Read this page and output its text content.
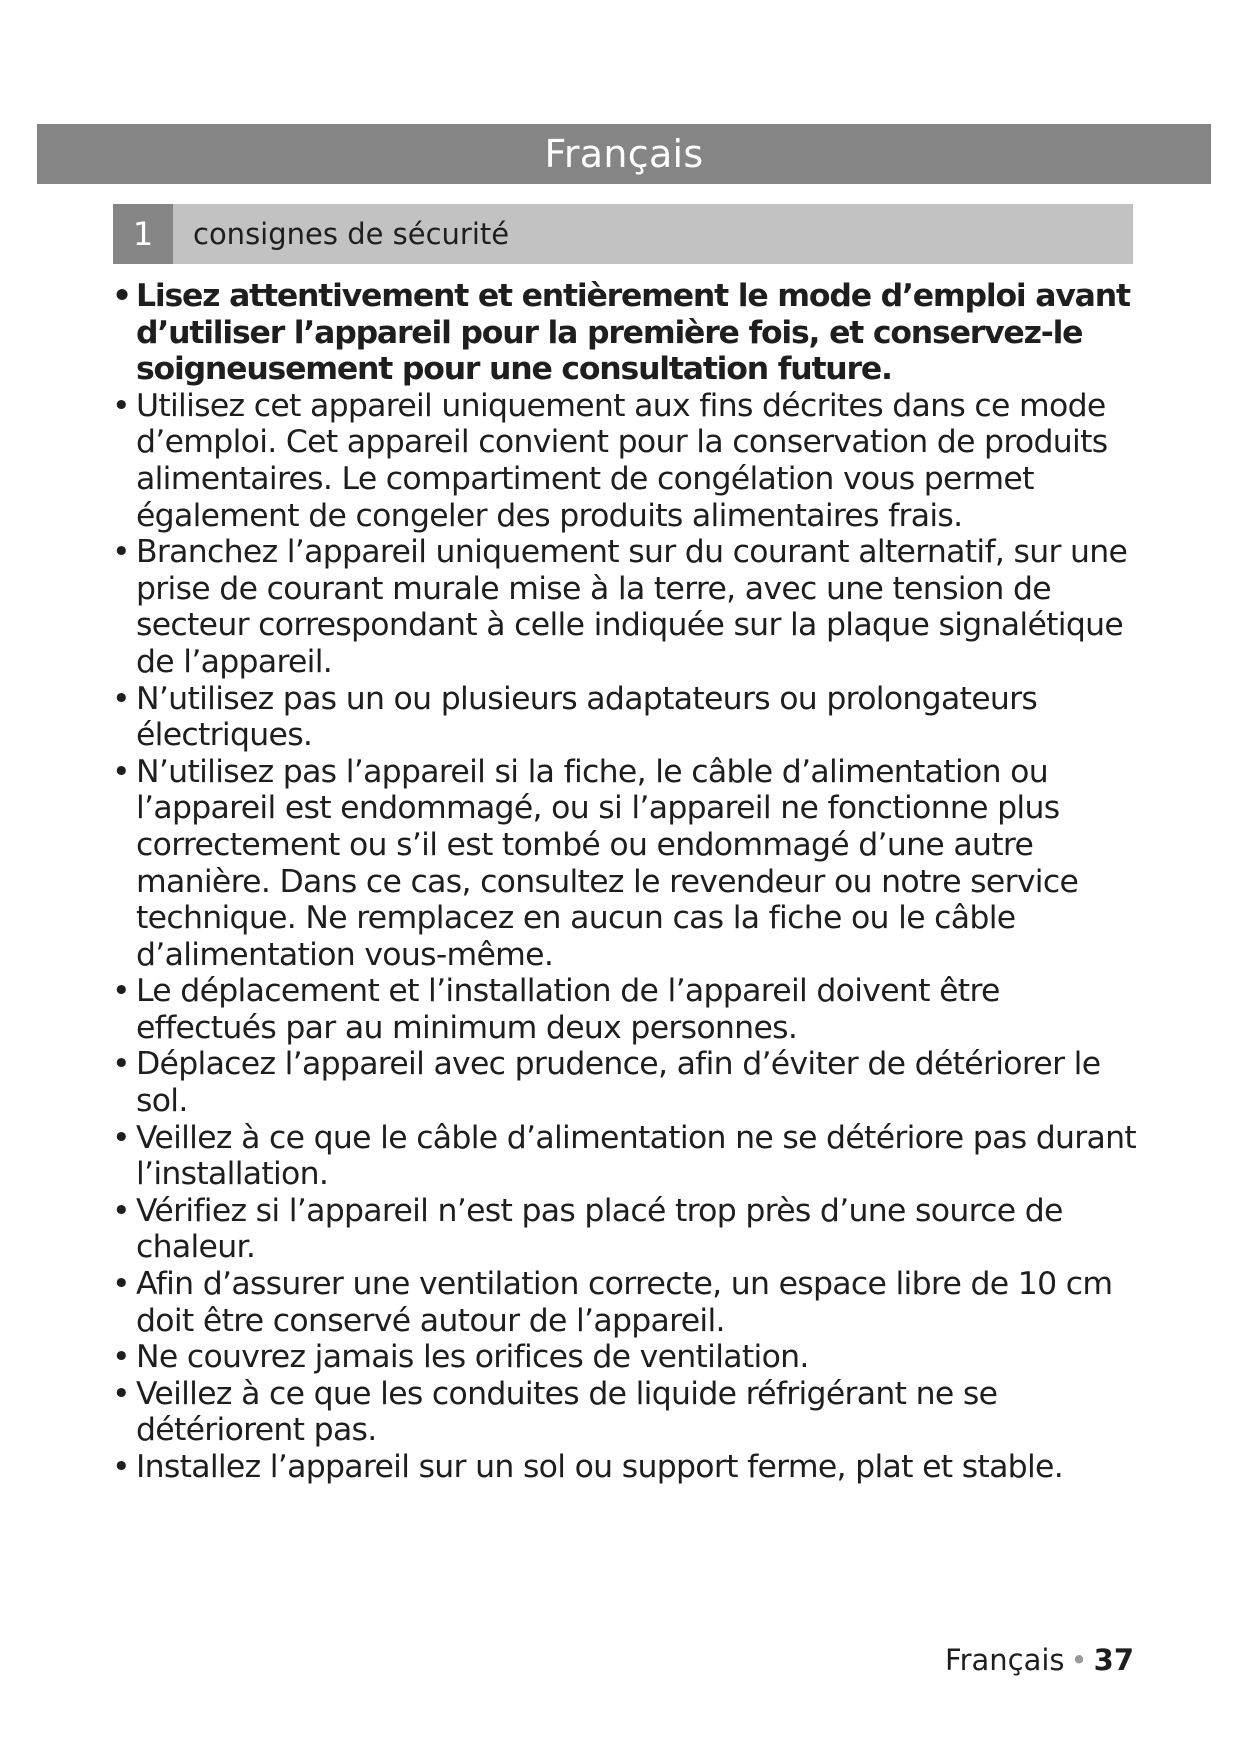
Français
1	consignes de sécurité
• Lisez attentivement et entièrement le mode d’emploi avant d’utiliser l’appareil pour la première fois, et conservez-le soigneusement pour une consultation future.
• Utilisez cet appareil uniquement aux fins décrites dans ce mode d’emploi. Cet appareil convient pour la conservation de produits alimentaires. Le compartiment de congélation vous permet également de congeler des produits alimentaires frais.
• Branchez l’appareil uniquement sur du courant alternatif, sur une prise de courant murale mise à la terre, avec une tension de secteur correspondant à celle indiquée sur la plaque signalétique de l’appareil.
• N’utilisez pas un ou plusieurs adaptateurs ou prolongateurs électriques.
• N’utilisez pas l’appareil si la fiche, le câble d’alimentation ou l’appareil est endommagé, ou si l’appareil ne fonctionne plus correctement ou s’il est tombé ou endommagé d’une autre manière. Dans ce cas, consultez le revendeur ou notre service technique. Ne remplacez en aucun cas la fiche ou le câble d’alimentation vous-même.
• Le déplacement et l’installation de l’appareil doivent être effectués par au minimum deux personnes.
• Déplacez l’appareil avec prudence, afin d’éviter de détériorer le sol.
• Veillez à ce que le câble d’alimentation ne se détériore pas durant l’installation.
• Vérifiez si l’appareil n’est pas placé trop près d’une source de chaleur.
• Afin d’assurer une ventilation correcte, un espace libre de 10 cm doit être conservé autour de l’appareil.
• Ne couvrez jamais les orifices de ventilation.
• Veillez à ce que les conduites de liquide réfrigérant ne se détériorent pas.
• Installez l’appareil sur un sol ou support ferme, plat et stable.
Français • 37
